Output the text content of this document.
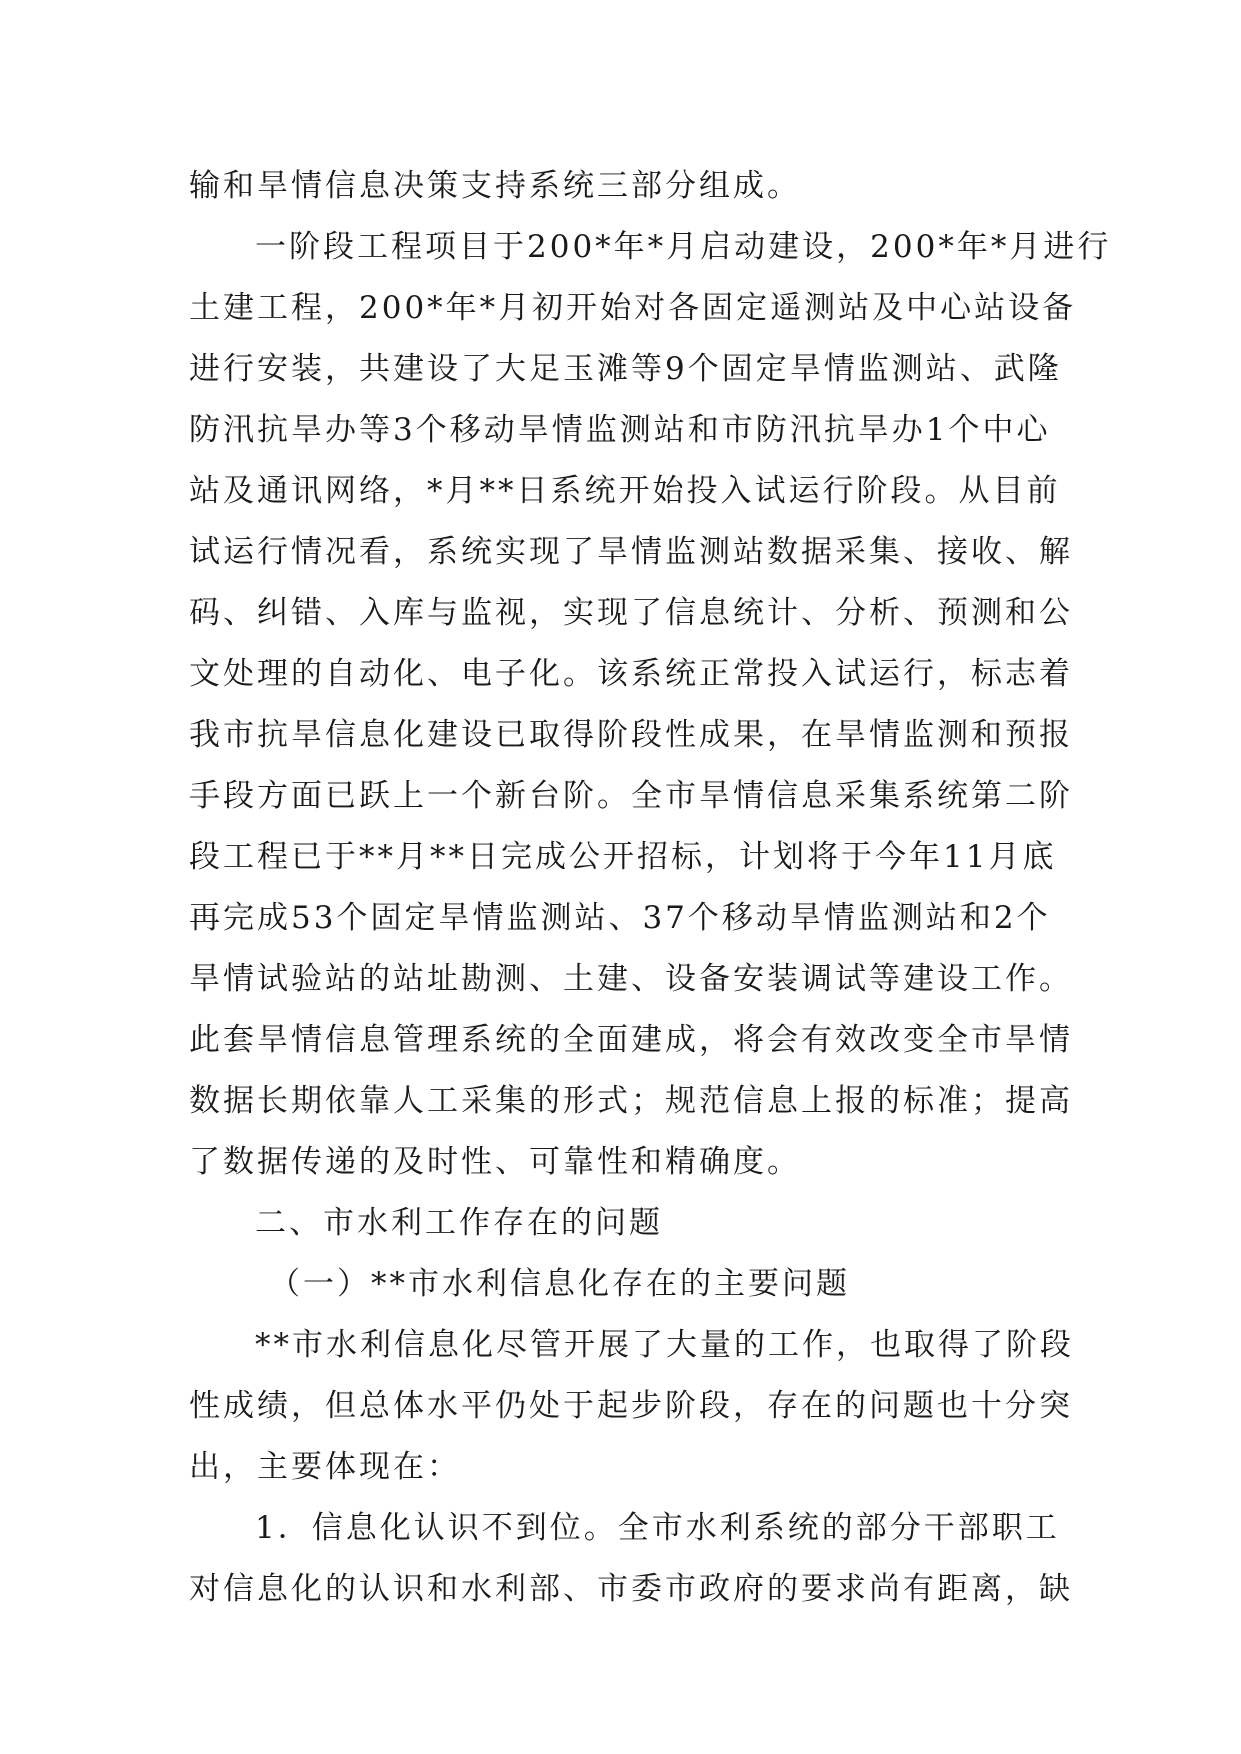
输和旱情信息决策支持系统三部分组成。
一阶段工程项目于200*年*月启动建设，200*年*月进行
土建工程，200*年*月初开始对各固定遥测站及中心站设备
进行安装，共建设了大足玉滩等9个固定旱情监测站、武隆
防汛抗旱办等3个移动旱情监测站和市防汛抗旱办1个中心
站及通讯网络，*月**日系统开始投入试运行阶段。从目前
试运行情况看，系统实现了旱情监测站数据采集、接收、解
码、纠错、入库与监视，实现了信息统计、分析、预测和公
文处理的自动化、电子化。该系统正常投入试运行，标志着
我市抗旱信息化建设已取得阶段性成果，在旱情监测和预报
手段方面已跃上一个新台阶。全市旱情信息采集系统第二阶
段工程已于**月**日完成公开招标，计划将于今年11月底
再完成53个固定旱情监测站、37个移动旱情监测站和2个
旱情试验站的站址勘测、土建、设备安装调试等建设工作。
此套旱情信息管理系统的全面建成，将会有效改变全市旱情
数据长期依靠人工采集的形式；规范信息上报的标准；提高
了数据传递的及时性、可靠性和精确度。
二、市水利工作存在的问题
（一）**市水利信息化存在的主要问题
**市水利信息化尽管开展了大量的工作，也取得了阶段
性成绩，但总体水平仍处于起步阶段，存在的问题也十分突
出，主要体现在：
1．信息化认识不到位。全市水利系统的部分干部职工
对信息化的认识和水利部、市委市政府的要求尚有距离，缺
